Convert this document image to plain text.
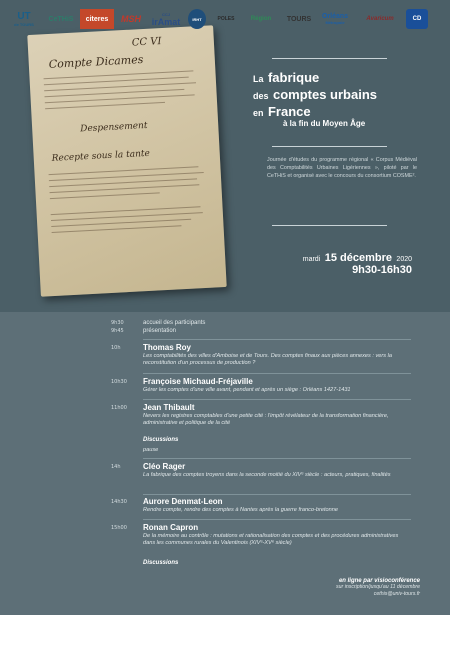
CC VI
Compte Dicames
Despensement
Recepte sous la tante
La fabrique
des comptes urbains
en France
à la fin du Moyen Âge
Journée d'études du programme régional « Corpus Médiéval des Comptabilités Urbaines Ligériennes », piloté par le CeTHiS et organisé avec le concours du consortium COSME².
mardi 15 décembre 2020
9h30-16h30
9h30	accueil des participants
9h45	présentation
10h	Thomas Roy
Les comptabilités des villes d'Amboise et de Tours. Des comptes finaux aux pièces annexes : vers la reconstitution d'un processus de production ?
10h30	Françoise Michaud-Fréjaville
Gérer les comptes d'une ville avant, pendant et après un siège : Orléans 1427-1431
11h00	Jean Thibault
Nevers les registres comptables d'une petite cité : l'impôt révélateur de la transformation financière, administrative et politique de la cité
Discussions
pause
14h	Cléo Rager
La fabrique des comptes troyens dans la seconde moitié du XIVᵉ siècle : acteurs, pratiques, finalités
14h30	Aurore Denmat-Leon
Rendre compte, rendre des comptes à Nantes après la guerre franco-bretonne
15h00	Ronan Capron
De la mémoire au contrôle : mutations et rationalisation des comptes et des procédures administratives dans les communes rurales du Valentinois (XIVᵉ-XVᵉ siècle)
Discussions
en ligne par visioconférence
sur inscription/jusqu'au 11 décembre
cethis@univ-tours.fr
UT
de TOURS
CeTHiS citeres MSH	CCJ
irAmat	IRHT	POLES	Région TOURS Orléans
Métropole
Avaricum	CD
